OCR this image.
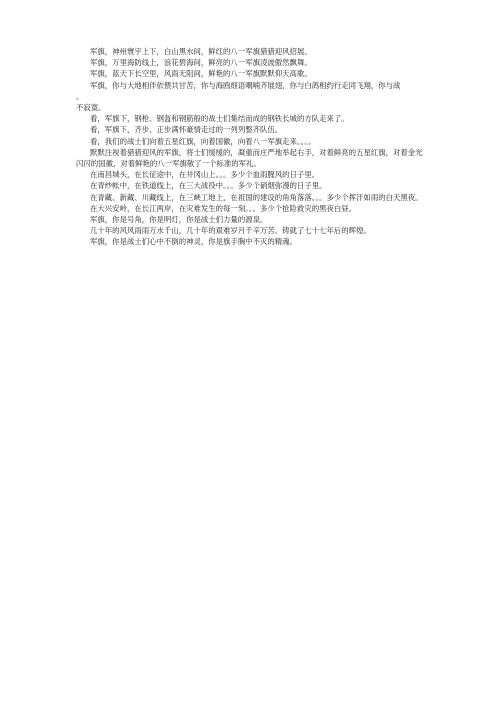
军旗，神州寰宇上下，白山黑水间，鲜红的八一军旗猎猎迎风招展。

军旗，万里海防线上，浪花碧海间，鲜亮的八一军旗凌波傲然飘舞。

军旗，蓝天下长空里，风雨无阻间，鲜艳的八一军旗默默仰天高歌。

军旗，你与大地相伴依偎共甘苦，你与海鸥细语喁喃齐展翅，你与白鸽相约行走同飞翔，你与战

。

不寂寞。

看，军旗下，钢枪、钢盔和钢筋般的战士们集结而成的钢铁长城的方队走来了。

看，军旗下，齐步、正步满怀豪情走过的一列列整齐队伍。

看，我们的战士们向着五星红旗，向着国徽，向着八一军旗走来。。。。

默默注视着猎猎迎风的军旗，将士们缓缓的，凝重而庄严地举起右手，对着鲜亮的五星红旗，对着金光闪闪的国徽，对着鲜艳的八一军旗敬了一个标准的军礼。

在南昌城头，在长征途中，在井冈山上。。。多少个血雨腥风的日子里。

在青纱帐中，在铁道线上，在三大战役中。。。多少个硝烟弥漫的日子里。

在青藏、新藏、川藏线上，在三峡工地上，在祖国的建设的角角落落。。。多少个挥汗如雨的白天黑夜。

在大兴安岭，在长江两岸，在灾难发生的每一刻。。。多少个抢险救灾的黑夜白昼。

军旗，你是号角，你是明灯，你是战士们力量的源泉。

几十年的风风雨雨万水千山，几十年的艰难岁月千辛万苦。铸就了七十七年后的辉煌。

军旗，你是战士们心中不倒的神灵，你是旗手胸中不灭的精魂。
